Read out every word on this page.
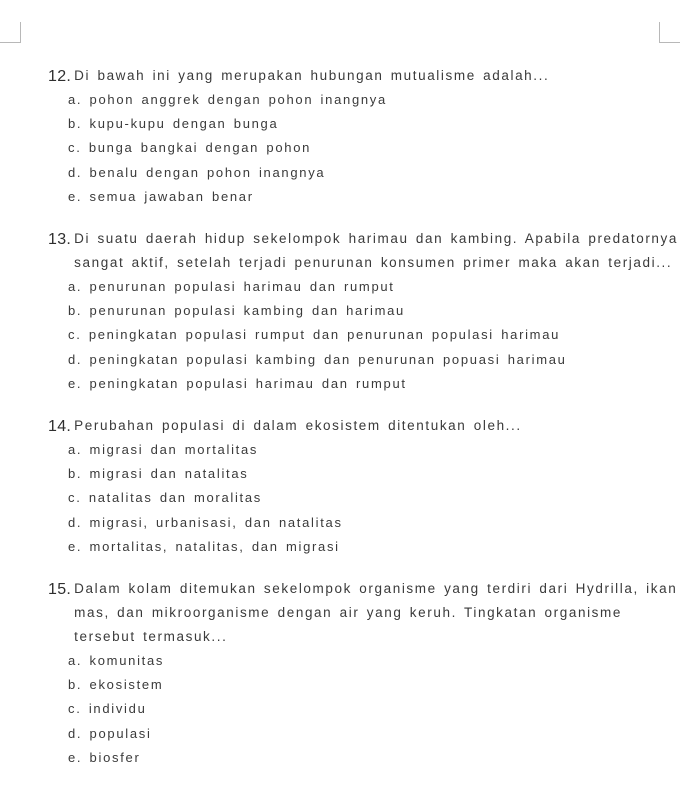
12. Di bawah ini yang merupakan hubungan mutualisme adalah...
a. pohon anggrek dengan pohon inangnya
b. kupu-kupu dengan bunga
c. bunga bangkai dengan pohon
d. benalu dengan pohon inangnya
e. semua jawaban benar
13. Di suatu daerah hidup sekelompok harimau dan kambing. Apabila predatornya sangat aktif, setelah terjadi penurunan konsumen primer maka akan terjadi...
a. penurunan populasi harimau dan rumput
b. penurunan populasi kambing dan harimau
c. peningkatan populasi rumput dan penurunan populasi harimau
d. peningkatan populasi kambing dan penurunan popuasi harimau
e. peningkatan populasi harimau dan rumput
14. Perubahan populasi di dalam ekosistem ditentukan oleh...
a. migrasi dan mortalitas
b. migrasi dan natalitas
c. natalitas dan moralitas
d. migrasi, urbanisasi, dan natalitas
e. mortalitas, natalitas, dan migrasi
15. Dalam kolam ditemukan sekelompok organisme yang terdiri dari Hydrilla, ikan mas, dan mikroorganisme dengan air yang keruh. Tingkatan organisme tersebut termasuk...
a. komunitas
b. ekosistem
c. individu
d. populasi
e. biosfer
